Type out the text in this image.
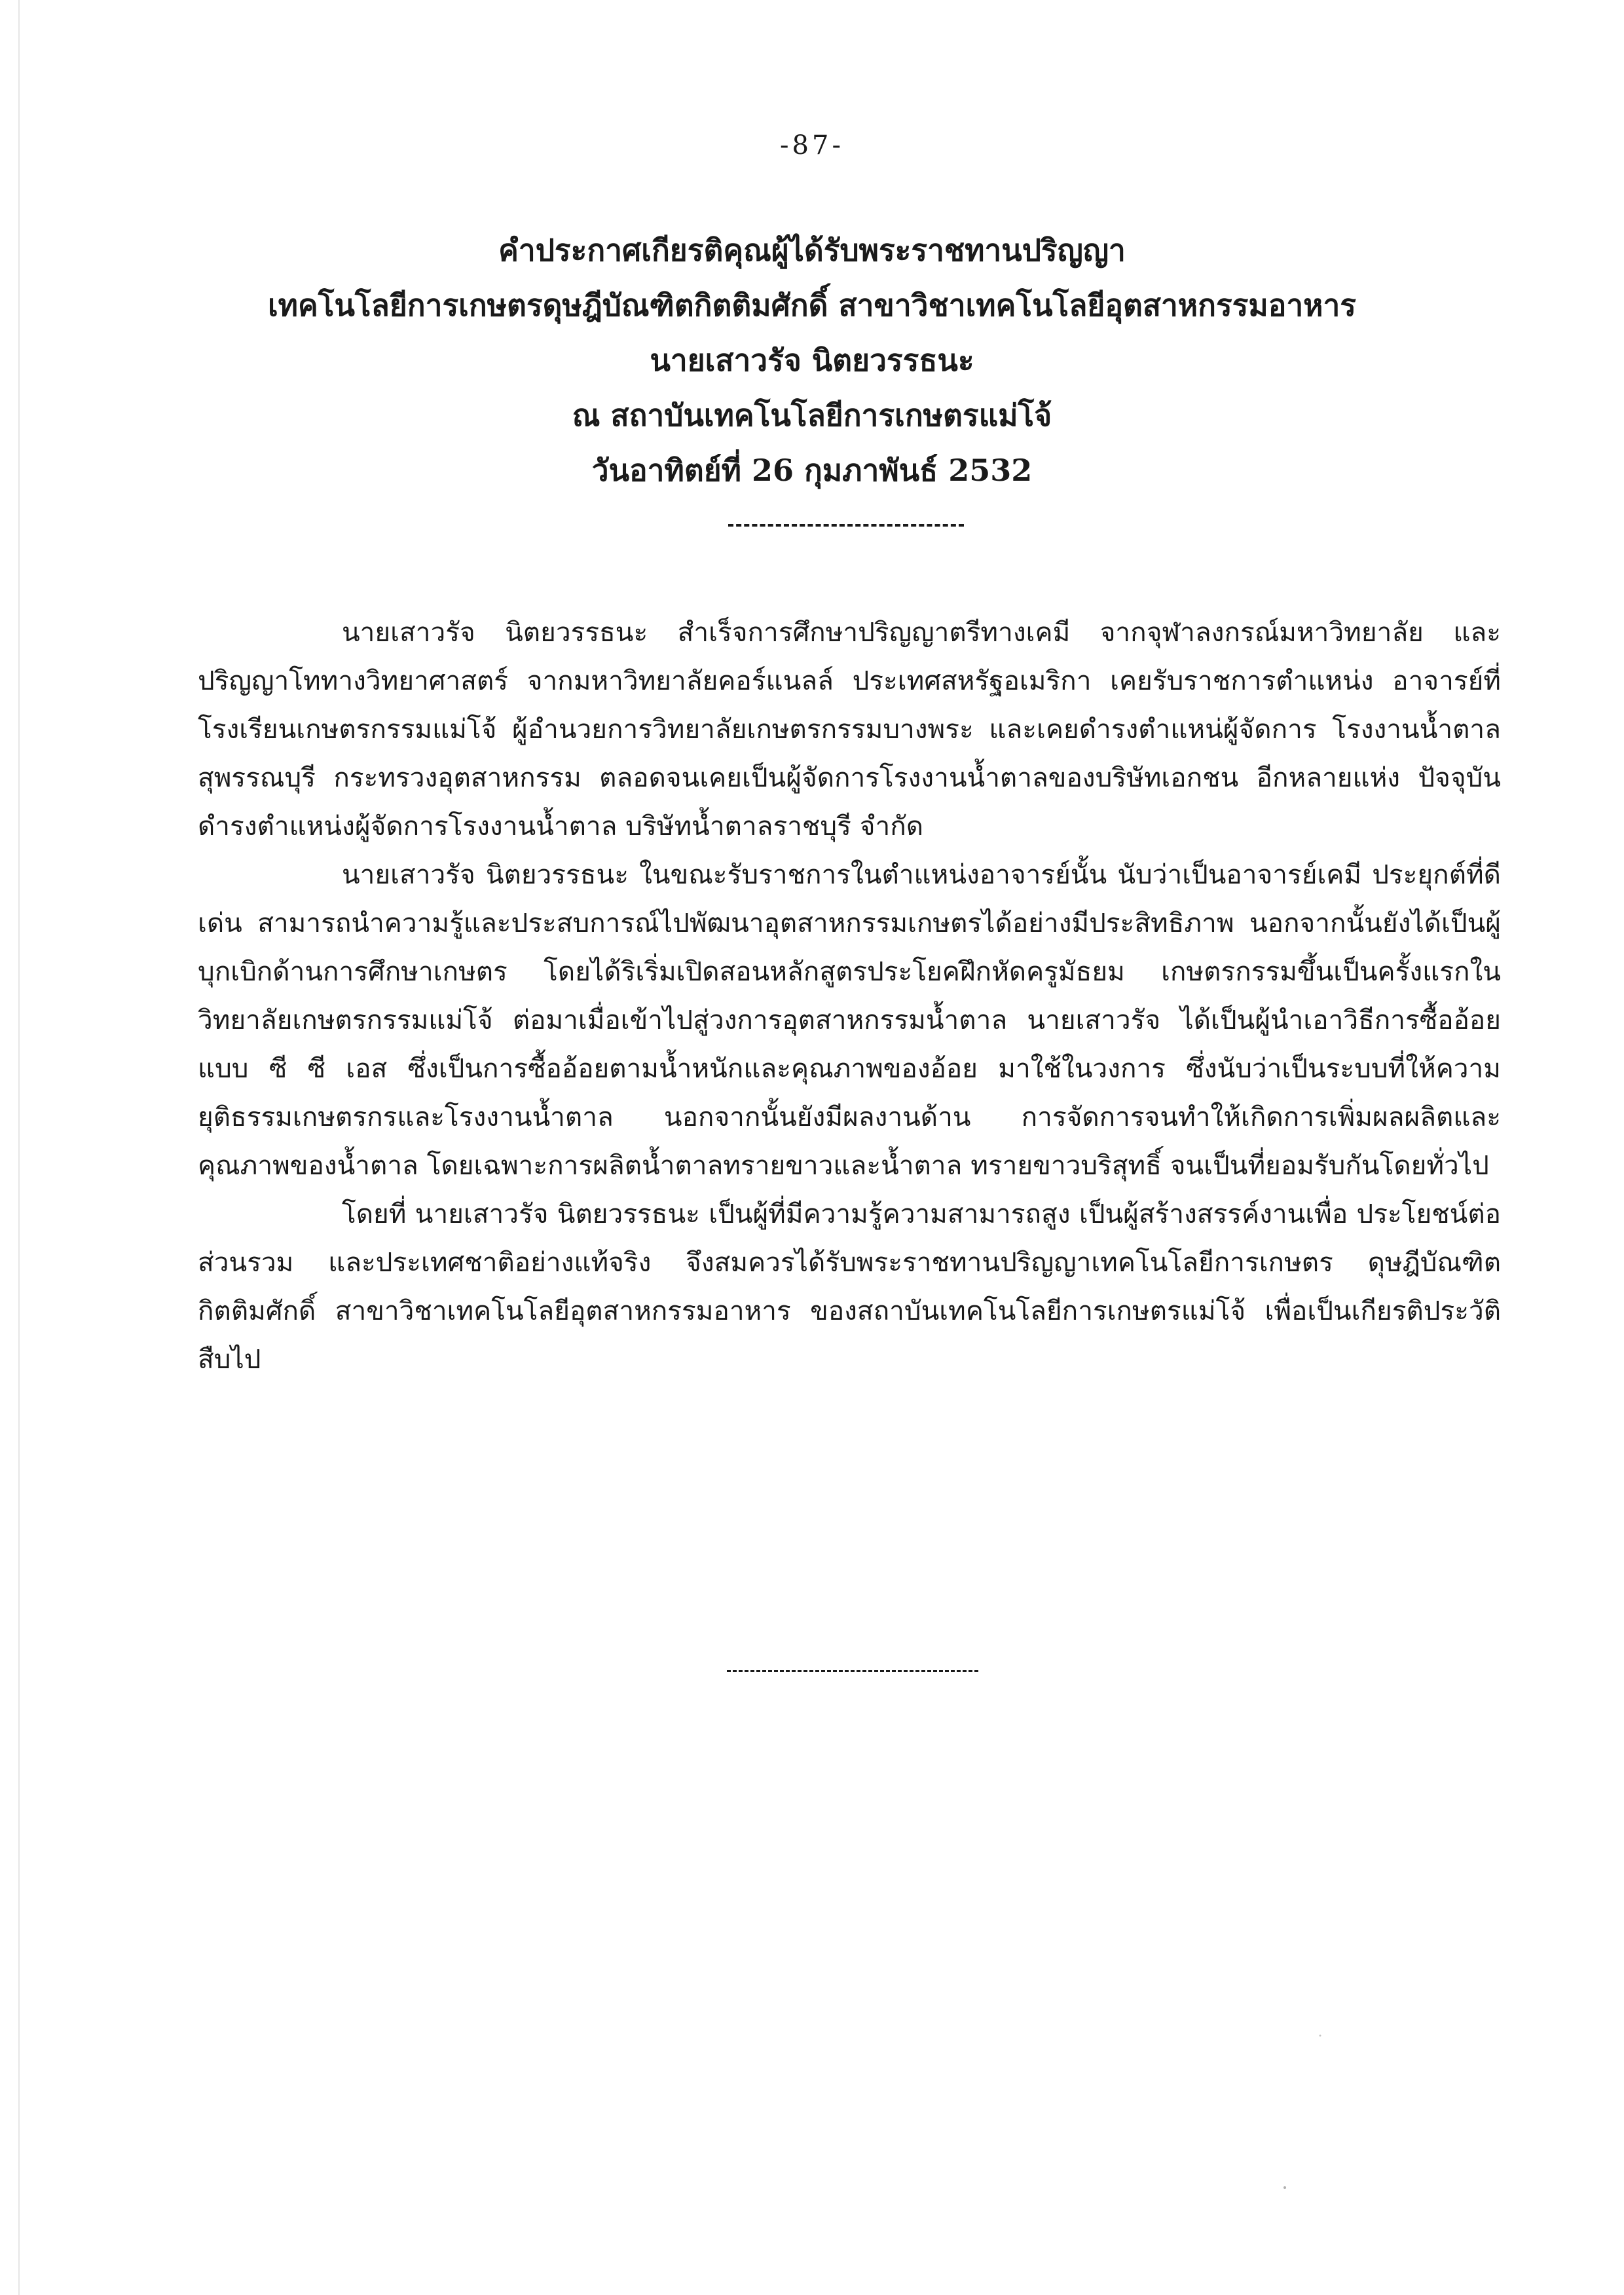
-87-
คำประกาศเกียรติคุณผู้ได้รับพระราชทานปริญญา
เทคโนโลยีการเกษตรดุษฎีบัณฑิตกิตติมศักดิ์ สาขาวิชาเทคโนโลยีอุตสาหกรรมอาหาร
นายเสาวรัจ นิตยวรรธนะ
ณ สถาบันเทคโนโลยีการเกษตรแม่โจ้
วันอาทิตย์ที่ 26 กุมภาพันธ์ 2532

นายเสาวรัจ นิตยวรรธนะ สำเร็จการศึกษาปริญญาตรีทางเคมี จากจุฬาลงกรณ์มหาวิทยาลัย และปริญญาโททางวิทยาศาสตร์ จากมหาวิทยาลัยคอร์แนลล์ ประเทศสหรัฐอเมริกา เคยรับราชการตำแหน่ง อาจารย์ที่โรงเรียนเกษตรกรรมแม่โจ้ ผู้อำนวยการวิทยาลัยเกษตรกรรมบางพระ และเคยดำรงตำแหน่ผู้จัดการ โรงงานน้ำตาลสุพรรณบุรี กระทรวงอุตสาหกรรม ตลอดจนเคยเป็นผู้จัดการโรงงานน้ำตาลของบริษัทเอกชน อีกหลายแห่ง ปัจจุบันดำรงตำแหน่งผู้จัดการโรงงานน้ำตาล บริษัทน้ำตาลราชบุรี จำกัด

นายเสาวรัจ นิตยวรรธนะ ในขณะรับราชการในตำแหน่งอาจารย์นั้น นับว่าเป็นอาจารย์เคมี ประยุกต์ที่ดีเด่น สามารถนำความรู้และประสบการณ์ไปพัฒนาอุตสาหกรรมเกษตรได้อย่างมีประสิทธิภาพ นอกจากนั้นยังได้เป็นผู้บุกเบิกด้านการศึกษาเกษตร โดยได้ริเริ่มเปิดสอนหลักสูตรประโยคฝึกหัดครูมัธยม เกษตรกรรมขึ้นเป็นครั้งแรกในวิทยาลัยเกษตรกรรมแม่โจ้ ต่อมาเมื่อเข้าไปสู่วงการอุตสาหกรรมน้ำตาล นายเสาวรัจ ได้เป็นผู้นำเอาวิธีการซื้ออ้อยแบบ ซี ซี เอส ซึ่งเป็นการซื้ออ้อยตามน้ำหนักและคุณภาพของอ้อย มาใช้ในวงการ ซึ่งนับว่าเป็นระบบที่ให้ความยุติธรรมเกษตรกรและโรงงานน้ำตาล นอกจากนั้นยังมีผลงานด้าน การจัดการจนทำให้เกิดการเพิ่มผลผลิตและคุณภาพของน้ำตาล โดยเฉพาะการผลิตน้ำตาลทรายขาวและน้ำตาล ทรายขาวบริสุทธิ์ จนเป็นที่ยอมรับกันโดยทั่วไป

โดยที่ นายเสาวรัจ นิตยวรรธนะ เป็นผู้ที่มีความรู้ความสามารถสูง เป็นผู้สร้างสรรค์งานเพื่อ ประโยชน์ต่อส่วนรวม และประเทศชาติอย่างแท้จริง จึงสมควรได้รับพระราชทานปริญญาเทคโนโลยีการเกษตร ดุษฎีบัณฑิตกิตติมศักดิ์ สาขาวิชาเทคโนโลยีอุตสาหกรรมอาหาร ของสถาบันเทคโนโลยีการเกษตรแม่โจ้ เพื่อเป็นเกียรติประวัติสืบไป
